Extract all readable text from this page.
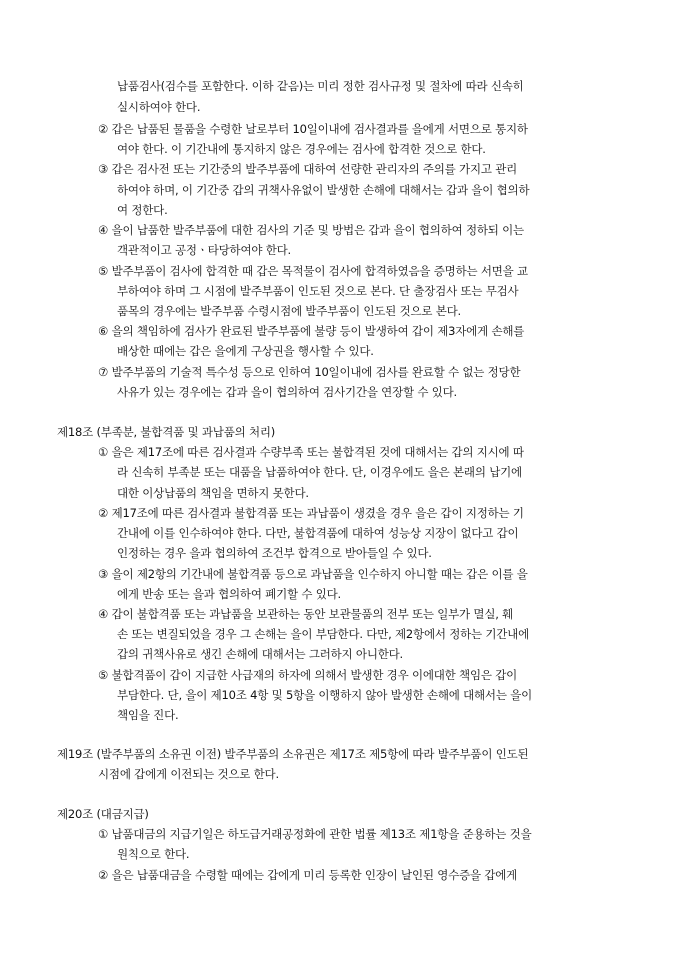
납품검사(검수를 포함한다. 이하 같음)는 미리 정한 검사규정 및 절차에 따라 신속히
실시하여야 한다.
② 갑은 납품된 물품을 수령한 날로부터 10일이내에 검사결과를 을에게 서면으로 통지하
여야 한다. 이 기간내에 통지하지 않은 경우에는 검사에 합격한 것으로 한다.
③ 갑은 검사전 또는 기간중의 발주부품에 대하여 선량한 관리자의 주의를 가지고 관리
하여야 하며, 이 기간중 갑의 귀책사유없이 발생한 손해에 대해서는 갑과 을이 협의하
여 정한다.
④ 을이 납품한 발주부품에 대한 검사의 기준 및 방법은 갑과 을이 협의하여 정하되 이는
객관적이고 공정ㆍ타당하여야 한다.
⑤ 발주부품이 검사에 합격한 때 갑은 목적물이 검사에 합격하였음을 증명하는 서면을 교
부하여야 하며 그 시점에 발주부품이 인도된 것으로 본다. 단 출장검사 또는 무검사
품목의 경우에는 발주부품 수령시점에 발주부품이 인도된 것으로 본다.
⑥ 을의 책임하에 검사가 완료된 발주부품에 불량 등이 발생하여 갑이 제3자에게 손해를
배상한 때에는 갑은 을에게 구상권을 행사할 수 있다.
⑦ 발주부품의 기술적 특수성 등으로 인하여 10일이내에 검사를 완료할 수 없는 정당한
사유가 있는 경우에는 갑과 을이 협의하여 검사기간을 연장할 수 있다.
제18조 (부족분, 불합격품 및 과납품의 처리)
① 을은 제17조에 따른 검사결과 수량부족 또는 불합격된 것에 대해서는 갑의 지시에 따
라 신속히 부족분 또는 대품을 납품하여야 한다. 단, 이경우에도 을은 본래의 납기에
대한 이상납품의 책임을 면하지 못한다.
② 제17조에 따른 검사결과 불합격품 또는 과납품이 생겼을 경우 을은 갑이 지정하는 기
간내에 이를 인수하여야 한다. 다만, 불합격품에 대하여 성능상 지장이 없다고 갑이
인정하는 경우 을과 협의하여 조건부 합격으로 받아들일 수 있다.
③ 을이 제2항의 기간내에 불합격품 등으로 과납품을 인수하지 아니할 때는 갑은 이를 을
에게 반송 또는 을과 협의하여 폐기할 수 있다.
④ 갑이 불합격품 또는 과납품을 보관하는 동안 보관물품의 전부 또는 일부가 멸실, 훼
손 또는 변질되었을 경우 그 손해는 을이 부담한다. 다만, 제2항에서 정하는 기간내에
갑의 귀책사유로 생긴 손해에 대해서는 그러하지 아니한다.
⑤ 불합격품이 갑이 지급한 사급재의 하자에 의해서 발생한 경우 이에대한 책임은 갑이
부담한다. 단, 을이 제10조 4항 및 5항을 이행하지 않아 발생한 손해에 대해서는 을이
책임을 진다.
제19조 (발주부품의 소유권 이전) 발주부품의 소유권은 제17조 제5항에 따라 발주부품이 인도된
시점에 갑에게 이전되는 것으로 한다.
제20조 (대금지급)
① 납품대금의 지급기일은 하도급거래공정화에 관한 법률 제13조 제1항을 준용하는 것을
원칙으로 한다.
② 을은 납품대금을 수령할 때에는 갑에게 미리 등록한 인장이 날인된 영수증을 갑에게
